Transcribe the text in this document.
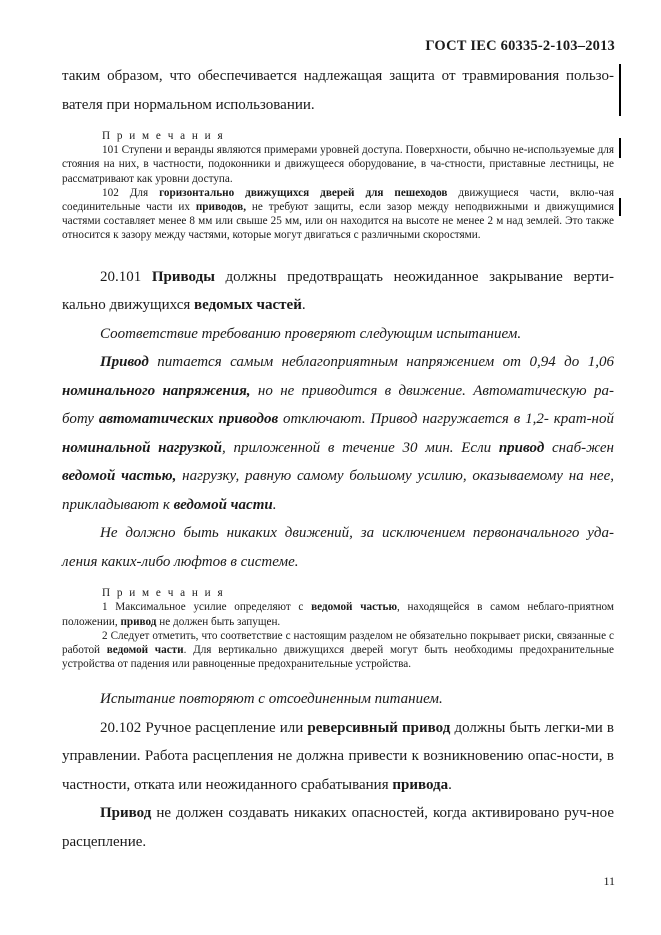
ГОСТ IEC 60335-2-103–2013

таким образом, что обеспечивается надлежащая защита от травмирования пользо-вателя при нормальном использовании.

П р и м е ч а н и я

101 Ступени и веранды являются примерами уровней доступа. Поверхности, обычно не-используемые для стояния на них, в частности, подоконники и движущееся оборудование, в ча-стности, приставные лестницы, не рассматривают как уровни доступа.

102 Для горизонтально движущихся дверей для пешеходов движущиеся части, вклю-чая соединительные части их приводов, не требуют защиты, если зазор между неподвижными и движущимися частями составляет менее 8 мм или свыше 25 мм, или он находится на высоте не менее 2 м над землей. Это также относится к зазору между частями, которые могут двигаться с различными скоростями.

20.101 Приводы должны предотвращать неожиданное закрывание верти-кально движущихся ведомых частей.

Соответствие требованию проверяют следующим испытанием.

Привод питается самым неблагоприятным напряжением от 0,94 до 1,06 номинального напряжения, но не приводится в движение. Автоматическую ра-боту автоматических приводов отключают. Привод нагружается в 1,2- крат-ной номинальной нагрузкой, приложенной в течение 30 мин. Если привод снаб-жен ведомой частью, нагрузку, равную самому большому усилию, оказываемому на нее, прикладывают к ведомой части.

Не должно быть никаких движений, за исключением первоначального уда-ления каких-либо люфтов в системе.

П р и м е ч а н и я

1 Максимальное усилие определяют с ведомой частью, находящейся в самом неблаго-приятном положении, привод не должен быть запущен.

2 Следует отметить, что соответствие с настоящим разделом не обязательно покрывает риски, связанные с работой ведомой части. Для вертикально движущихся дверей могут быть необходимы предохранительные устройства от падения или равноценные предохранительные устройства.

Испытание повторяют с отсоединенным питанием.

20.102 Ручное расцепление или реверсивный привод должны быть легки-ми в управлении. Работа расцепления не должна привести к возникновению опас-ности, в частности, отката или неожиданного срабатывания привода.

Привод не должен создавать никаких опасностей, когда активировано руч-ное расцепление.

11
